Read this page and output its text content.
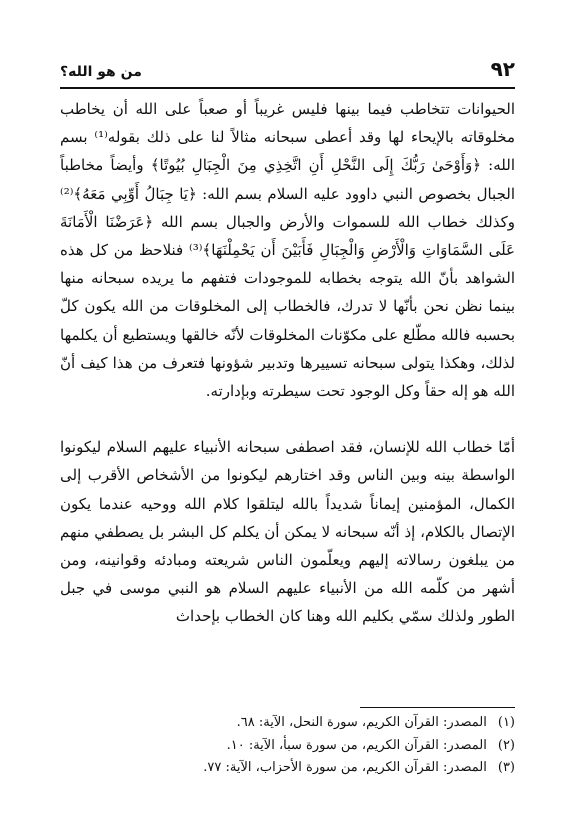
٩٢
من هو الله؟

الحيوانات تتخاطب فيما بينها فليس غريباً أو صعباً على الله أن يخاطب مخلوقاته بالإيحاء لها وقد أعطى سبحانه مثالاً لنا على ذلك بقوله⁽¹⁾ بسم الله: ﴿وَأَوْحَىٰ رَبُّكَ إِلَى النَّحْلِ أَنِ اتَّخِذِي مِنَ الْجِبَالِ بُيُوتًا﴾ وأيضاً مخاطباً الجبال بخصوص النبي داوود عليه السلام بسم الله: ﴿يَا جِبَالُ أَوِّبِي مَعَهُ﴾⁽²⁾ وكذلك خطاب الله للسموات والأرض والجبال بسم الله ﴿عَرَضْنَا الْأَمَانَةَ عَلَى السَّمَاوَاتِ وَالْأَرْضِ وَالْجِبَالِ فَأَبَيْنَ أَن يَحْمِلْنَهَا﴾⁽³⁾ فنلاحظ من كل هذه الشواهد بأنّ الله يتوجه بخطابه للموجودات فتفهم ما يريده سبحانه منها بينما نظن نحن بأنّها لا تدرك، فالخطاب إلى المخلوقات من الله يكون كلّ بحسبه فالله مطّلع على مكوّنات المخلوقات لأنّه خالقها ويستطيع أن يكلمها لذلك، وهكذا يتولى سبحانه تسييرها وتدبير شؤونها فتعرف من هذا كيف أنّ الله هو إله حقاً وكل الوجود تحت سيطرته وبإدارته.

أمّا خطاب الله للإنسان، فقد اصطفى سبحانه الأنبياء عليهم السلام ليكونوا الواسطة بينه وبين الناس وقد اختارهم ليكونوا من الأشخاص الأقرب إلى الكمال، المؤمنين إيماناً شديداً بالله ليتلقوا كلام الله ووحيه عندما يكون الإتصال بالكلام، إذ أنّه سبحانه لا يمكن أن يكلم كل البشر بل يصطفي منهم من يبلغون رسالاته إليهم ويعلّمون الناس شريعته ومبادئه وقوانينه، ومن أشهر من كلّمه الله من الأنبياء عليهم السلام هو النبي موسى في جبل الطور ولذلك سمّي بكليم الله وهنا كان الخطاب بإحداث

(١) المصدر: القرآن الكريم، سورة النحل، الآية: ٦٨.
(٢) المصدر: القرآن الكريم، من سورة سبأ، الآية: ١٠.
(٣) المصدر: القرآن الكريم، من سورة الأحزاب، الآية: ٧٧.
